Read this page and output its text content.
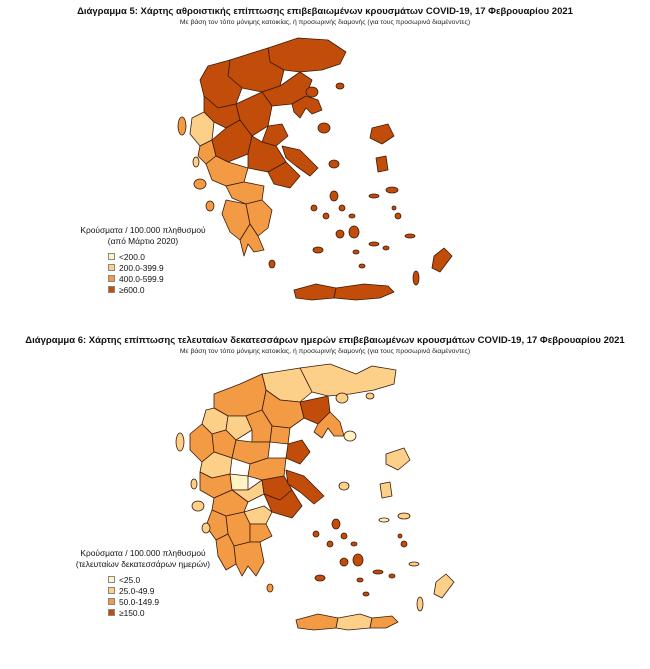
Διάγραμμα 5: Χάρτης αθροιστικής επίπτωσης επιβεβαιωμένων κρουσμάτων COVID-19, 17 Φεβρουαρίου 2021
Με βάση τον τόπο μόνιμης κατοικίας, ή προσωρινής διαμονής (για τους προσωρινά διαμένοντες)
Κρούσματα / 100.000 πληθυσμού
(από Μάρτιο 2020)
<200.0
200.0-399.9
400.0-599.9
≥600.0
Διάγραμμα 6: Χάρτης επίπτωσης τελευταίων δεκατεσσάρων ημερών επιβεβαιωμένων κρουσμάτων COVID-19, 17 Φεβρουαρίου 2021
Με βάση τον τόπο μόνιμης κατοικίας, ή προσωρινής διαμονής (για τους προσωρινά διαμένοντες)
Κρούσματα / 100.000 πληθυσμού
(τελευταίων δεκατεσσάρων ημερών)
<25.0
25.0-49.9
50.0-149.9
≥150.0
